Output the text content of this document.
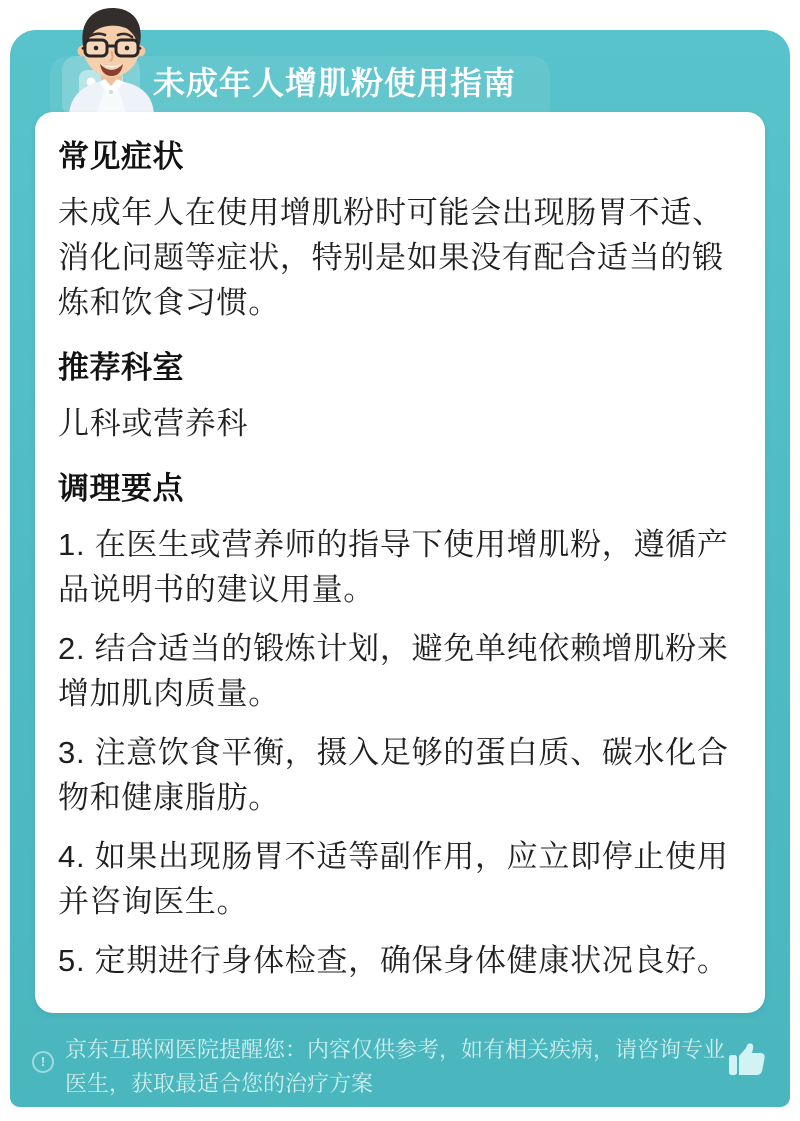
未成年人增肌粉使用指南
常见症状

未成年人在使用增肌粉时可能会出现肠胃不适、消化问题等症状，特别是如果没有配合适当的锻炼和饮食习惯。

推荐科室

儿科或营养科

调理要点

1. 在医生或营养师的指导下使用增肌粉，遵循产品说明书的建议用量。

2. 结合适当的锻炼计划，避免单纯依赖增肌粉来增加肌肉质量。

3. 注意饮食平衡，摄入足够的蛋白质、碳水化合物和健康脂肪。

4. 如果出现肠胃不适等副作用，应立即停止使用并咨询医生。

5. 定期进行身体检查，确保身体健康状况良好。

! 京东互联网医院提醒您：内容仅供参考，如有相关疾病，请咨询专业医生，获取最适合您的治疗方案
